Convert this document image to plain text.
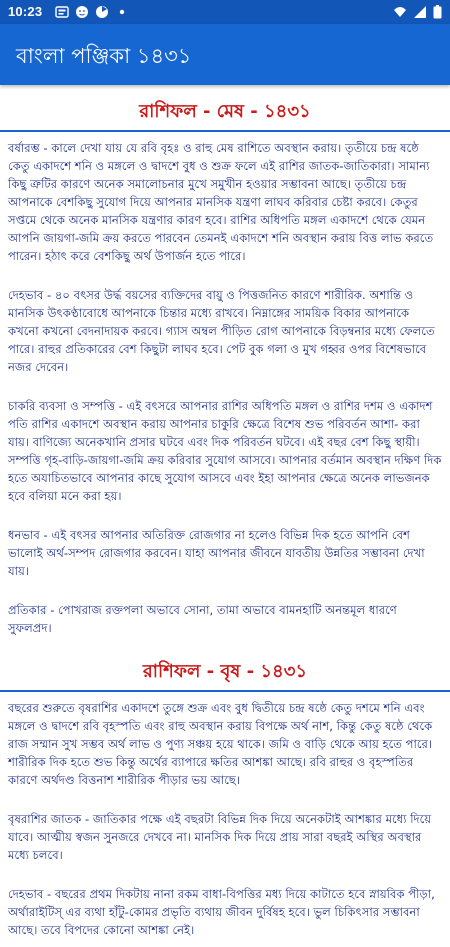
10:23
বাংলা পঞ্জিকা ১৪৩১
রাশিফল - মেষ - ১৪৩১

বর্ষারম্ভ - কালে দেখা যায় যে রবি বৃহঃ ও রাহু মেষ রাশিতে অবস্থান করায়। তৃতীয়ে চন্দ্র ষষ্ঠে কেতু একাদশে শনি ও মঙ্গলে ও দ্বাদশে বুধ ও শুক্র ফলে এই রাশির জাতক-জাতিকারা। সামান্য কিছু ত্রুটির কারণে অনেক সমালোচনার মুখে সমুখীন হওয়ার সম্ভাবনা আছে। তৃতীয়ে চন্দ্র আপনাকে বেশকিছু সুযোগ দিয়ে আপনার মানসিক যন্ত্রণা লাঘব করিবার চেষ্টা করবে। কেতুর সপ্তমে থেকে অনেক মানসিক যন্ত্রণার কারণ হবে। রাশির অধিপতি মঙ্গল একাদশে থেকে যেমন আপনি জায়গা-জমি ক্রয় করতে পারবেন তেমনই একাদশে শনি অবস্থান করায় বিত্ত লাভ করতে পারেন। হঠাৎ করে বেশকিছু অর্থ উপার্জন হতে পারে।

দেহভাব - ৪০ বৎসর উর্দ্ধ বয়সের ব্যক্তিদের বায়ু ও পিত্তজনিত কারণে শারীরিক. অশান্তি ও মানসিক উৎকণ্ঠাবোধে আপনাকে চিন্তার মধ্যে রাখবে। নিম্নাঙ্গের সাময়িক বিকার আপনাকে কখনো কখনো বেদনাদায়ক করবে। গ্যাস অম্বল পীড়িত রোগ আপনাকে বিড়ম্বনার মধ্যে ফেলতে পারে। রাহুর প্রতিকারের বেশ কিছুটা লাঘব হবে। পেট বুক গলা ও মুখ গহ্বর ওপর বিশেষভাবে নজর দেবেন।

চাকরি ব্যবসা ও সম্পত্তি - এই বৎসরে আপনার রাশির অধিপতি মঙ্গল ও রাশির দশম ও একাদশ পতি রাশির একাদশে অবস্থান করায় আপনার চাকুরি ক্ষেত্রে বিশেষ শুভ পরিবর্তন আশা- করা যায়। বাণিজ্যে অনেকখানি প্রসার ঘটবে এবং দিক পরিবর্তন ঘটবে। এই বছর বেশ কিছু স্থায়ী। সম্পত্তি গৃহ-বাড়ি-জায়গা-জমি ক্রয় করিবার সুযোগ আসবে। আপনার বর্তমান অবস্থান দক্ষিণ দিক হতে অযাচিতভাবে আপনার কাছে সুযোগ আসবে এবং ইহা আপনার ক্ষেত্রে অনেক লাভজনক হবে বলিয়া মনে করা হয়।

ধনভাব - এই বৎসর আপনার অতিরিক্ত রোজগার না হলেও বিভিন্ন দিক হতে আপনি বেশ ভালোই অর্থ-সম্পদ রোজগার করবেন। যাহা আপনার জীবনে যাবতীয় উন্নতির সম্ভাবনা দেখা যায়।

প্রতিকার - পোখরাজ রক্তপলা অভাবে সোনা, তামা অভাবে বামনহাটি অনন্তমূল ধারণে সুফলপ্রদ।

রাশিফল - বৃষ - ১৪৩১

বছরের শুরুতে বৃষরাশির একাদশে তুঙ্গে শুক্র এবং বুধ দ্বিতীয়ে চন্দ্র ষষ্ঠে কেতু দশমে শনি এবং মঙ্গলে ও দ্বাদশে রবি বৃহস্পতি এবং রাহু অবস্থান করায় বিপক্ষে অর্থ নাশ, কিন্তু কেতু ষষ্ঠে থেকে রাজ সম্মান সুখ সম্ভব অর্থ লাভ ও পুণ্য সঞ্চয় হয়ে থাকে। জমি ও বাড়ি থেকে আয় হতে পারে। শারীরিক দিক হতে শুভ কিন্তু অর্থের ব্যাপারে ক্ষতির আশঙ্কা আছে। রবি রাহুর ও বৃহস্পতির কারণে অর্থদণ্ড বিত্তনাশ শারীরিক পীড়ার ভয় আছে।

বৃষরাশির জাতক - জাতিকার পক্ষে এই বছরটা বিভিন্ন দিক দিয়ে অনেকটাই আশঙ্কার মধ্যে দিয়ে যাবে। আত্মীয় স্বজন সুনজরে দেখবে না। মানসিক দিক দিয়ে প্রায় সারা বছরই অস্থির অবস্থার মধ্যে চলবে।

দেহভাব - বছরের প্রথম দিকটায় নানা রকম বাধা-বিপত্তির মধ্য দিয়ে কাটাতে হবে স্নায়বিক পীড়া, অর্থারাইটিস্ এর ব্যথা হাঁটু-কোমর প্রভৃতি ব্যথায় জীবন দুর্বিষহ হবে। ভুল চিকিৎসার সম্ভাবনা আছে। তবে বিপদের কোনো আশঙ্কা নেই।
